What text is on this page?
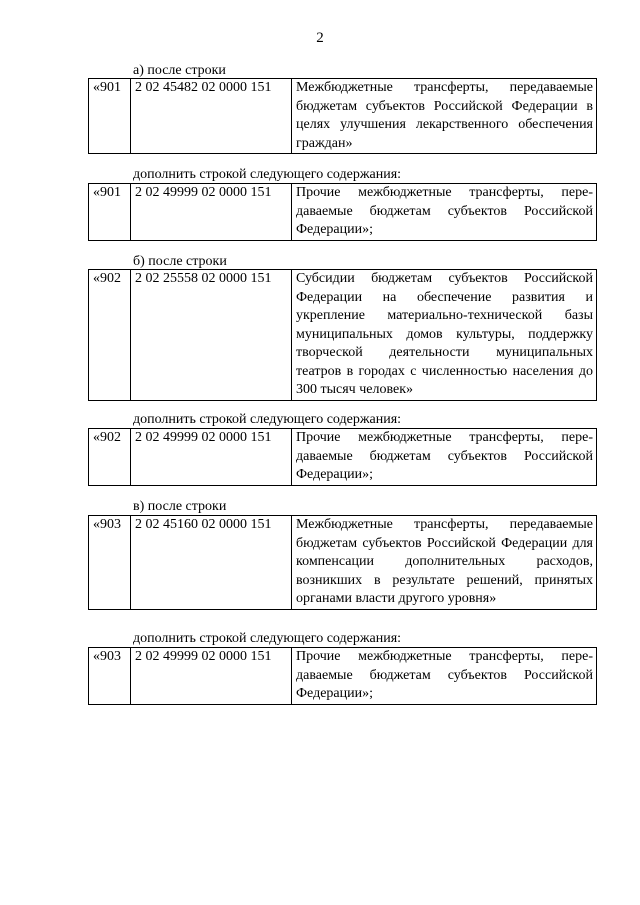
2
а) после строки
«901	2 02 45482 02 0000 151	Межбюджетные трансферты, передаваемые бюджетам субъектов Российской Федерации в целях улучшения лекарственного обеспечения граждан»
дополнить строкой следующего содержания:
«901	2 02 49999 02 0000 151	Прочие межбюджетные трансферты, передаваемые бюджетам субъектов Российской Федерации»;
б) после строки
«902	2 02 25558 02 0000 151	Субсидии бюджетам субъектов Российской Федерации на обеспечение развития и укрепление материально-технической базы муниципальных домов культуры, поддержку творческой деятельности муниципальных театров в городах с численностью населения до 300 тысяч человек»
дополнить строкой следующего содержания:
«902	2 02 49999 02 0000 151	Прочие межбюджетные трансферты, передаваемые бюджетам субъектов Российской Федерации»;
в) после строки
«903	2 02 45160 02 0000 151	Межбюджетные трансферты, передаваемые бюджетам субъектов Российской Федерации для компенсации дополнительных расходов, возникших в результате решений, принятых органами власти другого уровня»
дополнить строкой следующего содержания:
«903	2 02 49999 02 0000 151	Прочие межбюджетные трансферты, передаваемые бюджетам субъектов Российской Федерации»;
